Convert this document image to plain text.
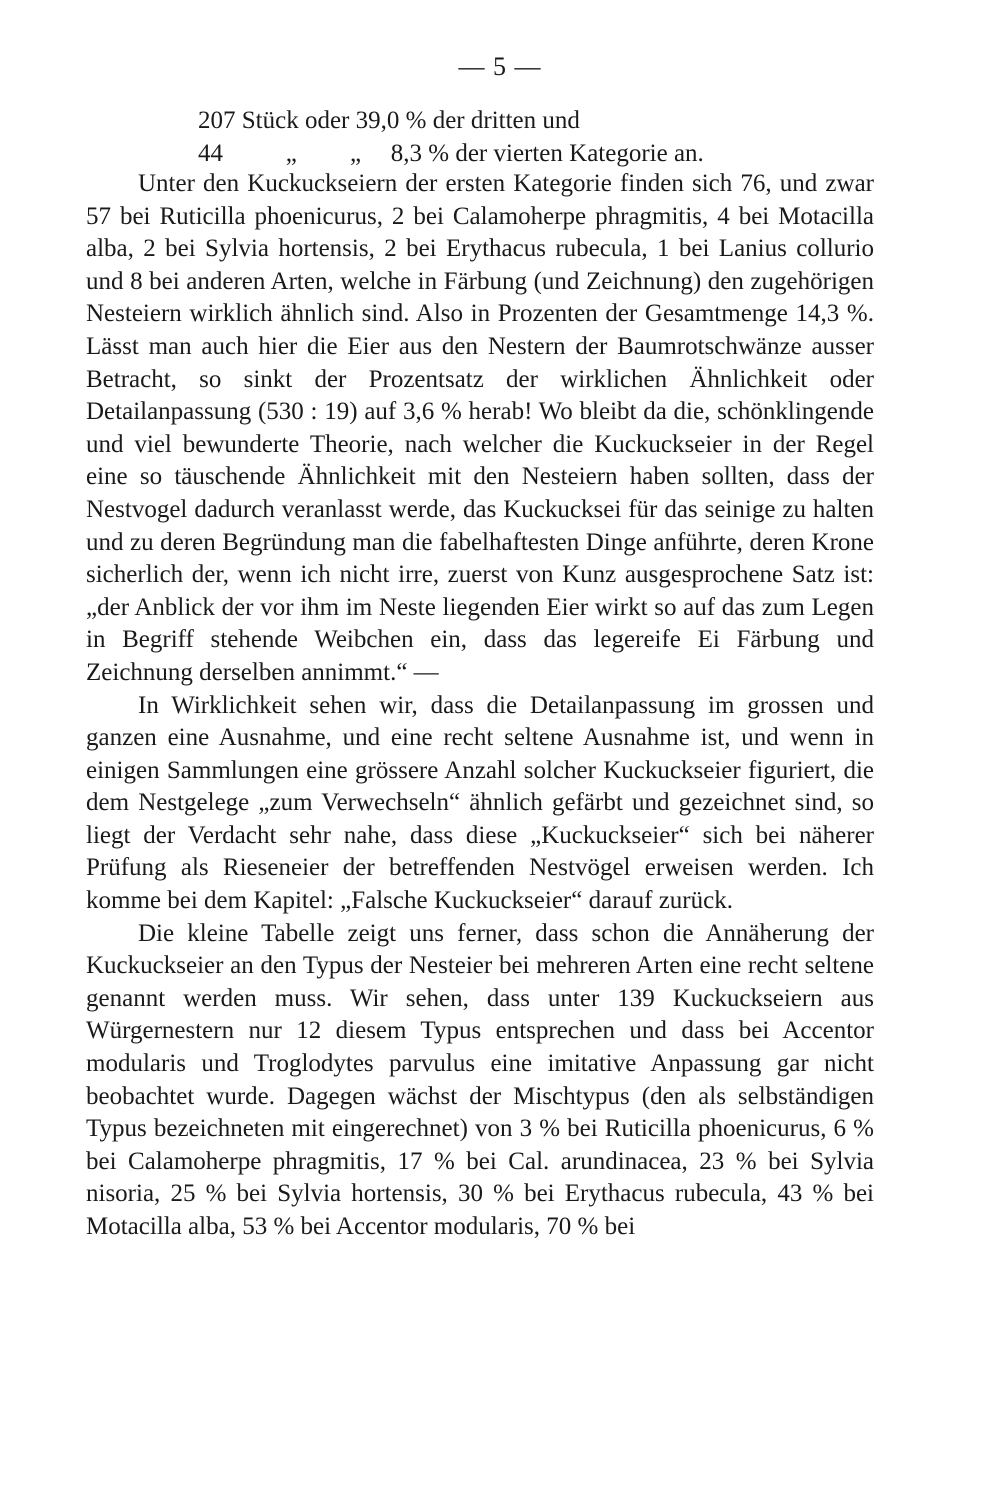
— 5 —
207 Stück oder 39,0 % der dritten und
44	„ „ 8,3 % der vierten Kategorie an.

Unter den Kuckuckseiern der ersten Kategorie finden sich 76, und zwar 57 bei Ruticilla phoenicurus, 2 bei Calamoherpe phragmitis, 4 bei Motacilla alba, 2 bei Sylvia hortensis, 2 bei Erythacus rubecula, 1 bei Lanius collurio und 8 bei anderen Arten, welche in Färbung (und Zeichnung) den zugehörigen Nesteiern wirklich ähnlich sind. Also in Prozenten der Gesamtmenge 14,3 %. Lässt man auch hier die Eier aus den Nestern der Baumrotschwänze ausser Betracht, so sinkt der Prozentsatz der wirklichen Ähnlichkeit oder Detailanpassung (530 : 19) auf 3,6 % herab! Wo bleibt da die, schönklingende und viel bewunderte Theorie, nach welcher die Kuckuckseier in der Regel eine so täuschende Ähnlichkeit mit den Nesteiern haben sollten, dass der Nestvogel dadurch veranlasst werde, das Kuckucksei für das seinige zu halten und zu deren Begründung man die fabelhaftesten Dinge anführte, deren Krone sicherlich der, wenn ich nicht irre, zuerst von Kunz ausgesprochene Satz ist: „der Anblick der vor ihm im Neste liegenden Eier wirkt so auf das zum Legen in Begriff stehende Weibchen ein, dass das legereife Ei Färbung und Zeichnung derselben annimmt.“ —

In Wirklichkeit sehen wir, dass die Detailanpassung im grossen und ganzen eine Ausnahme, und eine recht seltene Ausnahme ist, und wenn in einigen Sammlungen eine grössere Anzahl solcher Kuckuckseier figuriert, die dem Nestgelege „zum Verwechseln“ ähnlich gefärbt und gezeichnet sind, so liegt der Verdacht sehr nahe, dass diese „Kuckuckseier“ sich bei näherer Prüfung als Rieseneier der betreffenden Nestvögel erweisen werden. Ich komme bei dem Kapitel: „Falsche Kuckuckseier“ darauf zurück.

Die kleine Tabelle zeigt uns ferner, dass schon die Annäherung der Kuckuckseier an den Typus der Nesteier bei mehreren Arten eine recht seltene genannt werden muss. Wir sehen, dass unter 139 Kuckuckseiern aus Würgernestern nur 12 diesem Typus entsprechen und dass bei Accentor modularis und Troglodytes parvulus eine imitative Anpassung gar nicht beobachtet wurde. Dagegen wächst der Mischtypus (den als selbständigen Typus bezeichneten mit eingerechnet) von 3 % bei Ruticilla phoenicurus, 6 % bei Calamoherpe phragmitis, 17 % bei Cal. arundinacea, 23 % bei Sylvia nisoria, 25 % bei Sylvia hortensis, 30 % bei Erythacus rubecula, 43 % bei Motacilla alba, 53 % bei Accentor modularis, 70 % bei
